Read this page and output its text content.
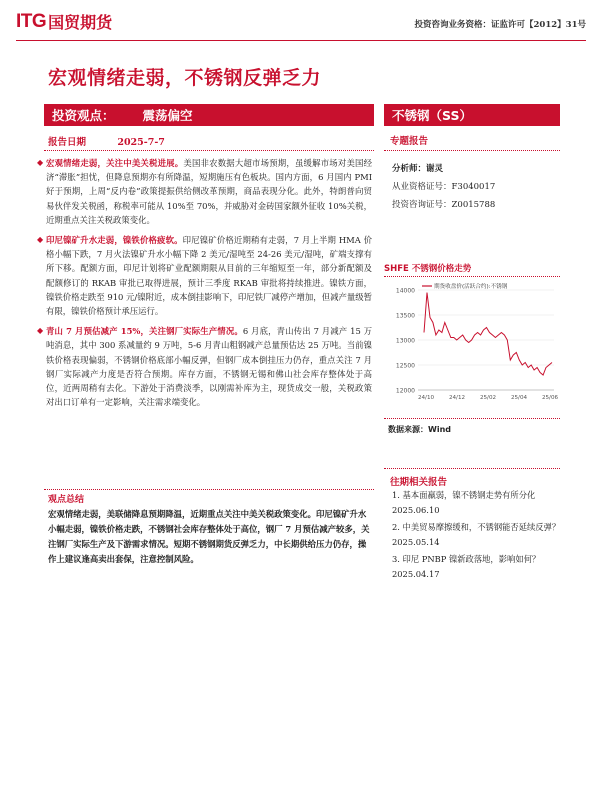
ITG 国贸期货	投资咨询业务资格：证监许可【2012】31号
宏观情绪走弱，不锈钢反弹乏力
投资观点： 震荡偏空	不锈钢（SS）
报告日期	2025-7-7
◆ 宏观情绪走弱，关注中美关税进展。美国非农数据大超市场预期，虽缓解市场对美国经济“滞胀”担忧，但降息预期亦有所降温，短期施压有色板块。国内方面，6 月国内 PMI 好于预期，上周“反内卷”政策提振供给侧改革预期，商品表现分化。此外，特朗普向贸易伙伴发关税函，称税率可能从 10%至 70%，并威胁对金砖国家额外征收 10%关税，近期重点关注关税政策变化。
◆ 印尼镍矿升水走弱，镍铁价格疲软。印尼镍矿价格近期稍有走弱，7 月上半期 HMA 价格小幅下跌，7 月火法镍矿升水小幅下降 2 美元/湿吨至 24-26 美元/湿吨，矿端支撑有所下移。配额方面，印尼计划将矿业配额期限从目前的三年缩短至一年，部分新配额及配额修订的 RKAB 审批已取得进展，预计三季度 RKAB 审批将持续推进。镍铁方面，镍铁价格走跌至 910 元/镍附近，成本倒挂影响下，印尼铁厂减停产增加，但减产量级暂有限，镍铁价格预计承压运行。
◆ 青山 7 月预估减产 15%，关注钢厂实际生产情况。6 月底，青山传出 7 月减产 15 万吨消息，其中 300 系减量约 9 万吨，5-6 月青山粗钢减产总量预估达 25 万吨。当前镍铁价格表现偏弱，不锈钢价格底部小幅反弹，但钢厂成本倒挂压力仍存，重点关注 7 月钢厂实际减产力度是否符合预期。库存方面，不锈钢无锡和佛山社会库存整体处于高位，近两周稍有去化。下游处于消费淡季，以刚需补库为主，现货成交一般，关税政策对出口订单有一定影响，关注需求端变化。
观点总结
宏观情绪走弱，美联储降息预期降温，近期重点关注中美关税政策变化。印尼镍矿升水小幅走弱，镍铁价格走跌，不锈钢社会库存整体处于高位，钢厂 7 月预估减产较多，关注钢厂实际生产及下游需求情况。短期不锈钢期货反弹乏力，中长期供给压力仍存，操作上建议逢高卖出套保，注意控制风险。
专题报告
分析师：谢灵
从业资格证号：F3040017
投资咨询证号：Z0015788
SHFE 不锈钢价格走势
14000
13500
13000
12500
12000
24/10	24/12	25/02	25/04	25/06
期货收盘价(活跃合约):不锈钢
数据来源：Wind
往期相关报告
1. 基本面羸弱，镍不锈钢走势有所分化 2025.06.10
2. 中美贸易摩擦缓和，不锈钢能否延续反弹？2025.05.14
3. 印尼 PNBP 镍新政落地，影响如何？2025.04.17
